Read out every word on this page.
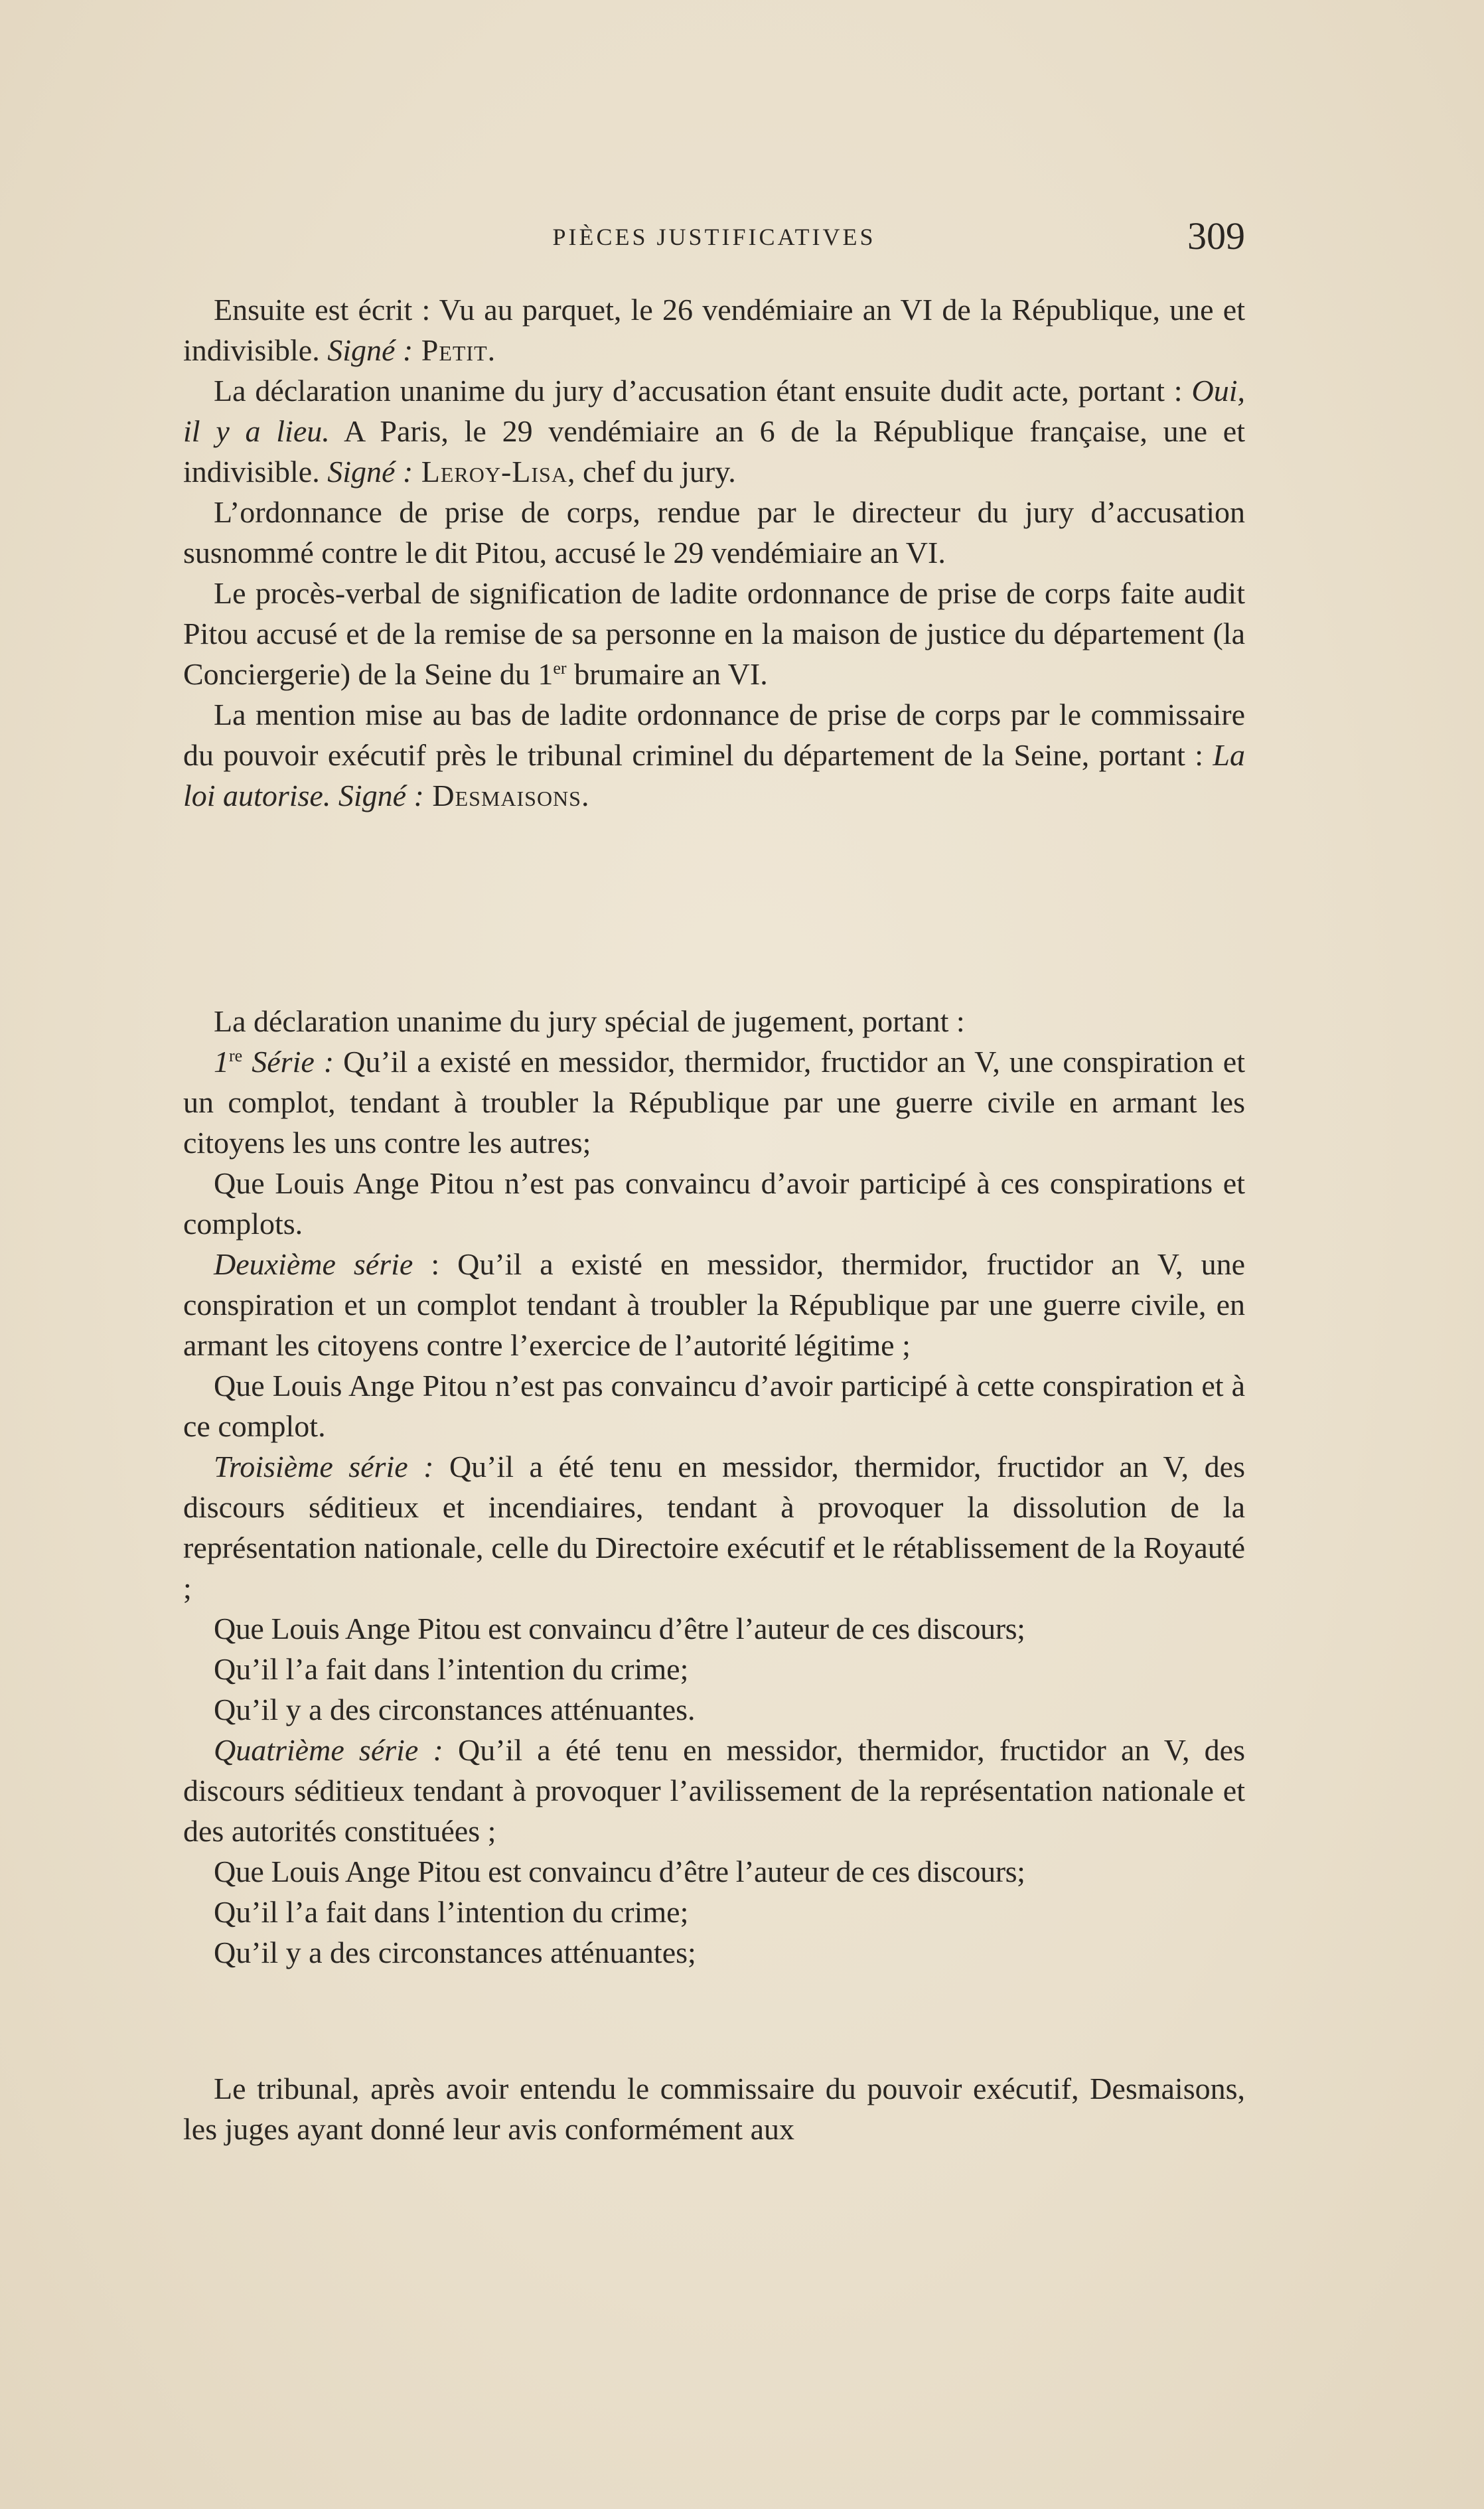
PIÈCES JUSTIFICATIVES	309

Ensuite est écrit : Vu au parquet, le 26 vendémiaire an VI de la République, une et indivisible. Signé : Petit.

La déclaration unanime du jury d’accusation étant ensuite dudit acte, portant : Oui, il y a lieu. A Paris, le 29 vendémiaire an 6 de la République française, une et indivisible. Signé : Leroy-Lisa, chef du jury.

L’ordonnance de prise de corps, rendue par le directeur du jury d’accusation susnommé contre le dit Pitou, accusé le 29 vendémiaire an VI.

Le procès-verbal de signification de ladite ordonnance de prise de corps faite audit Pitou accusé et de la remise de sa personne en la maison de justice du département (la Conciergerie) de la Seine du 1er brumaire an VI.

La mention mise au bas de ladite ordonnance de prise de corps par le commissaire du pouvoir exécutif près le tribunal criminel du département de la Seine, portant : La loi autorise. Signé : Desmaisons.

La déclaration unanime du jury spécial de jugement, portant :

1re Série : Qu’il a existé en messidor, thermidor, fructidor an V, une conspiration et un complot, tendant à troubler la République par une guerre civile en armant les citoyens les uns contre les autres;

Que Louis Ange Pitou n’est pas convaincu d’avoir participé à ces conspirations et complots.

Deuxième série : Qu’il a existé en messidor, thermidor, fructidor an V, une conspiration et un complot tendant à troubler la République par une guerre civile, en armant les citoyens contre l’exercice de l’autorité légitime ;

Que Louis Ange Pitou n’est pas convaincu d’avoir participé à cette conspiration et à ce complot.

Troisième série : Qu’il a été tenu en messidor, thermidor, fructidor an V, des discours séditieux et incendiaires, tendant à provoquer la dissolution de la représentation nationale, celle du Directoire exécutif et le rétablissement de la Royauté ;

Que Louis Ange Pitou est convaincu d’être l’auteur de ces discours;

Qu’il l’a fait dans l’intention du crime;

Qu’il y a des circonstances atténuantes.

Quatrième série : Qu’il a été tenu en messidor, thermidor, fructidor an V, des discours séditieux tendant à provoquer l’avilissement de la représentation nationale et des autorités constituées ;

Que Louis Ange Pitou est convaincu d’être l’auteur de ces discours;

Qu’il l’a fait dans l’intention du crime;

Qu’il y a des circonstances atténuantes;

Le tribunal, après avoir entendu le commissaire du pouvoir exécutif, Desmaisons, les juges ayant donné leur avis conformément aux
